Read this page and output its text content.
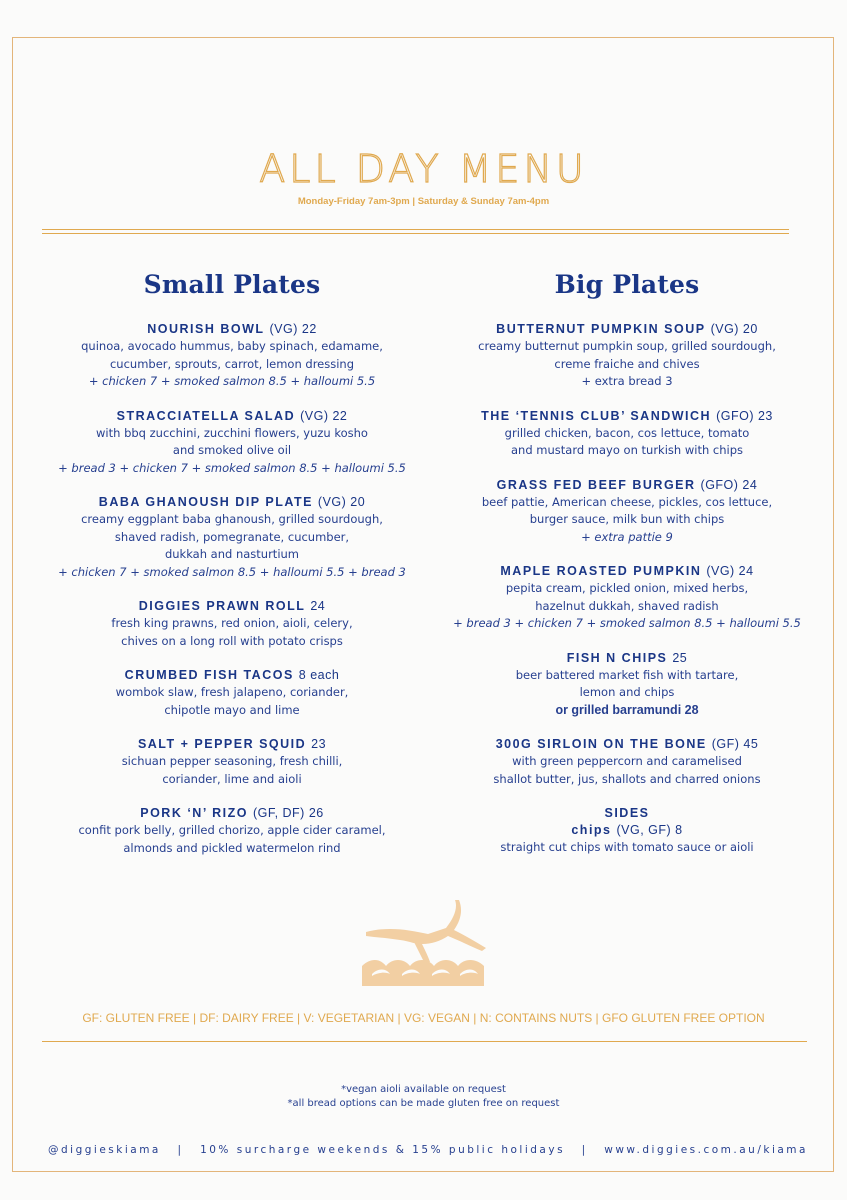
ALL DAY MENU
Monday-Friday 7am-3pm | Saturday & Sunday 7am-4pm
Small Plates
NOURISH BOWL (VG) 22
quinoa, avocado hummus, baby spinach, edamame,
cucumber, sprouts, carrot, lemon dressing
+ chicken 7 + smoked salmon 8.5 + halloumi 5.5
STRACCIATELLA SALAD (VG) 22
with bbq zucchini, zucchini flowers, yuzu kosho
and smoked olive oil
+ bread 3 + chicken 7 + smoked salmon 8.5 + halloumi 5.5
BABA GHANOUSH DIP PLATE (VG) 20
creamy eggplant baba ghanoush, grilled sourdough,
shaved radish, pomegranate, cucumber,
dukkah and nasturtium
+ chicken 7 + smoked salmon 8.5 + halloumi 5.5 + bread 3
DIGGIES PRAWN ROLL 24
fresh king prawns, red onion, aioli, celery,
chives on a long roll with potato crisps
CRUMBED FISH TACOS 8 each
wombok slaw, fresh jalapeno, coriander,
chipotle mayo and lime
SALT + PEPPER SQUID 23
sichuan pepper seasoning, fresh chilli,
coriander, lime and aioli
PORK ‘N’ RIZO (GF, DF) 26
confit pork belly, grilled chorizo, apple cider caramel,
almonds and pickled watermelon rind
Big Plates
BUTTERNUT PUMPKIN SOUP (VG) 20
creamy butternut pumpkin soup, grilled sourdough,
creme fraiche and chives
+ extra bread 3
THE ‘TENNIS CLUB’ SANDWICH (GFO) 23
grilled chicken, bacon, cos lettuce, tomato
and mustard mayo on turkish with chips
GRASS FED BEEF BURGER (GFO) 24
beef pattie, American cheese, pickles, cos lettuce,
burger sauce, milk bun with chips
+ extra pattie 9
MAPLE ROASTED PUMPKIN (VG) 24
pepita cream, pickled onion, mixed herbs,
hazelnut dukkah, shaved radish
+ bread 3 + chicken 7 + smoked salmon 8.5 + halloumi 5.5
FISH N CHIPS 25
beer battered market fish with tartare,
lemon and chips
or grilled barramundi 28
300G SIRLOIN ON THE BONE (GF) 45
with green peppercorn and caramelised
shallot butter, jus, shallots and charred onions
SIDES
chips (VG, GF) 8
straight cut chips with tomato sauce or aioli
GF: GLUTEN FREE | DF: DAIRY FREE | V: VEGETARIAN | VG: VEGAN | N: CONTAINS NUTS | GFO GLUTEN FREE OPTION
*vegan aioli available on request
*all bread options can be made gluten free on request
@diggieskiama | 10% surcharge weekends & 15% public holidays | www.diggies.com.au/kiama
